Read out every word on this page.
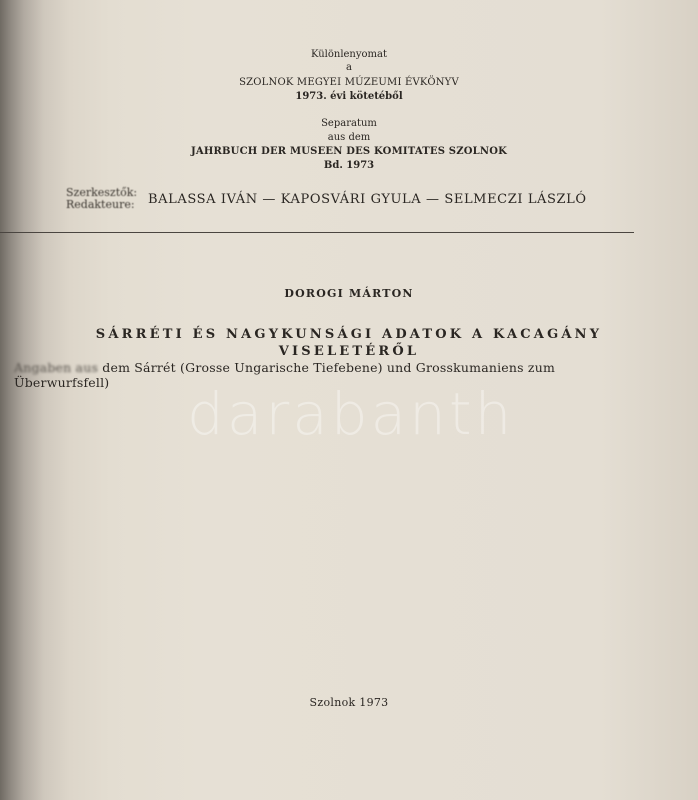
Különlenyomat
a
SZOLNOK MEGYEI MÚZEUMI ÉVKÖNYV
1973. évi kötetéből
Separatum
aus dem
JAHRBUCH DER MUSEEN DES KOMITATES SZOLNOK
Bd. 1973
Szerkesztők:
Redakteure: BALASSA IVÁN — KAPOSVÁRI GYULA — SELMECZI LÁSZLÓ
DOROGI MÁRTON
SÁRRÉTI ÉS NAGYKUNSÁGI ADATOK A KACAGÁNY
VISELETÉRŐL
Angaben aus dem Sárrét (Grosse Ungarische Tiefebene) und Grosskumaniens zum Überwurfsfell)	darabanth
Szolnok 1973
